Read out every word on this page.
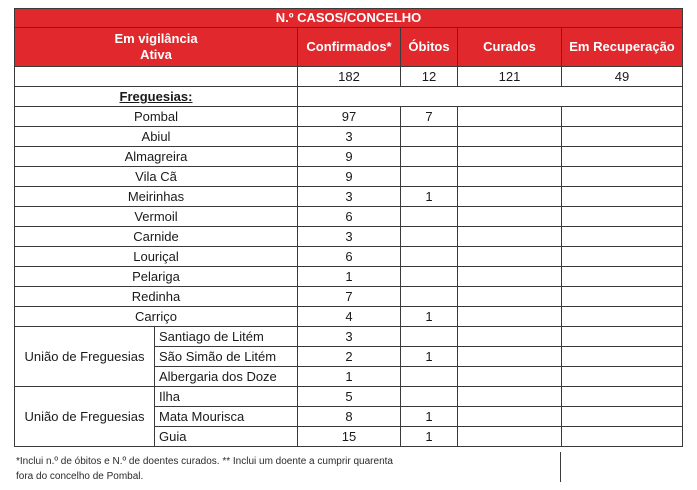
N.º CASOS/CONCELHO					

Em vigilância
Ativa		Confirmados*	Óbitos	Curados	Em Recuperação
		182	12	121	49
Freguesias:					
Pombal		97	7		
Abiul		3			
Almagreira		9			
Vila Cã		9			
Meirinhas		3	1		
Vermoil		6			
Carnide		3			
Louriçal		6			
Pelariga		1			
Redinha		7			
Carriço		4	1		
União de Freguesias	Santiago de Litém	3			
	São Simão de Litém	2	1		
	Albergaria dos Doze	1			
União de Freguesias	Ilha	5			
	Mata Mourisca	8	1		
	Guia	15	1		
*Inclui n.º de óbitos e N.º de doentes curados. ** Inclui um doente a cumprir quarenta
fora do concelho de Pombal.
